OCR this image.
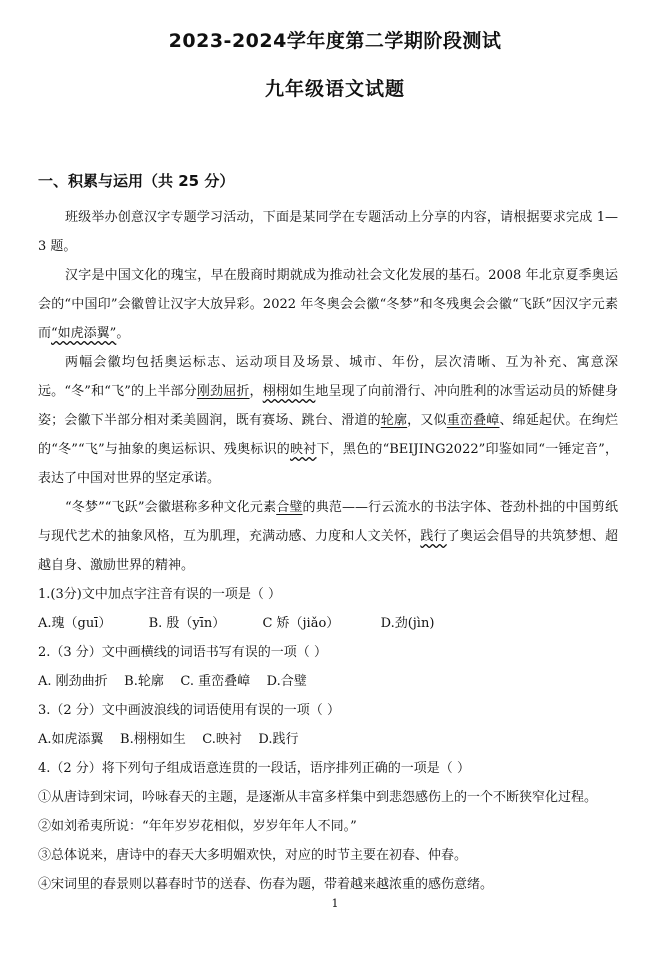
2023-2024学年度第二学期阶段测试
九年级语文试题
一、积累与运用（共 25 分）

班级举办创意汉字专题学习活动，下面是某同学在专题活动上分享的内容，请根据要求完成 1—3 题。

汉字是中国文化的瑰宝，早在殷商时期就成为推动社会文化发展的基石。2008 年北京夏季奥运会的“中国印”会徽曾让汉字大放异彩。2022 年冬奥会会徽“冬梦”和冬残奥会会徽“飞跃”因汉字元素而“如虎添翼”。

两幅会徽均包括奥运标志、运动项目及场景、城市、年份，层次清晰、互为补充、寓意深远。“冬”和“飞”的上半部分刚劲屈折，栩栩如生地呈现了向前滑行、冲向胜利的冰雪运动员的矫健身姿；会徽下半部分相对柔美圆润，既有赛场、跳台、滑道的轮廓，又似重峦叠嶂、绵延起伏。在绚烂的“冬”“飞”与抽象的奥运标识、残奥标识的映衬下，黑色的“BEIJING2022”印鉴如同“一锤定音”，表达了中国对世界的坚定承诺。

“冬梦”“飞跃”会徽堪称多种文化元素合璧的典范——行云流水的书法字体、苍劲朴拙的中国剪纸与现代艺术的抽象风格，互为肌理，充满动感、力度和人文关怀，践行了奥运会倡导的共筑梦想、超越自身、激励世界的精神。

1.(3分)文中加点字注音有误的一项是（ ）

A.瑰（guī）         B. 殷（yīn）         C 矫（jiǎo）          D.劲(jìn)

2.（3 分）文中画横线的词语书写有误的一项（ ）

A. 刚劲曲折    B.轮廓    C. 重峦叠嶂    D.合璧

3.（2 分）文中画波浪线的词语使用有误的一项（ ）

A.如虎添翼    B.栩栩如生    C.映衬    D.践行

4.（2 分）将下列句子组成语意连贯的一段话，语序排列正确的一项是（ ）

①从唐诗到宋词，吟咏春天的主题，是逐渐从丰富多样集中到悲怨感伤上的一个不断狭窄化过程。

②如刘希夷所说：“年年岁岁花相似，岁岁年年人不同。”

③总体说来，唐诗中的春天大多明媚欢快，对应的时节主要在初春、仲春。

④宋词里的春景则以暮春时节的送春、伤春为题，带着越来越浓重的感伤意绪。

1
